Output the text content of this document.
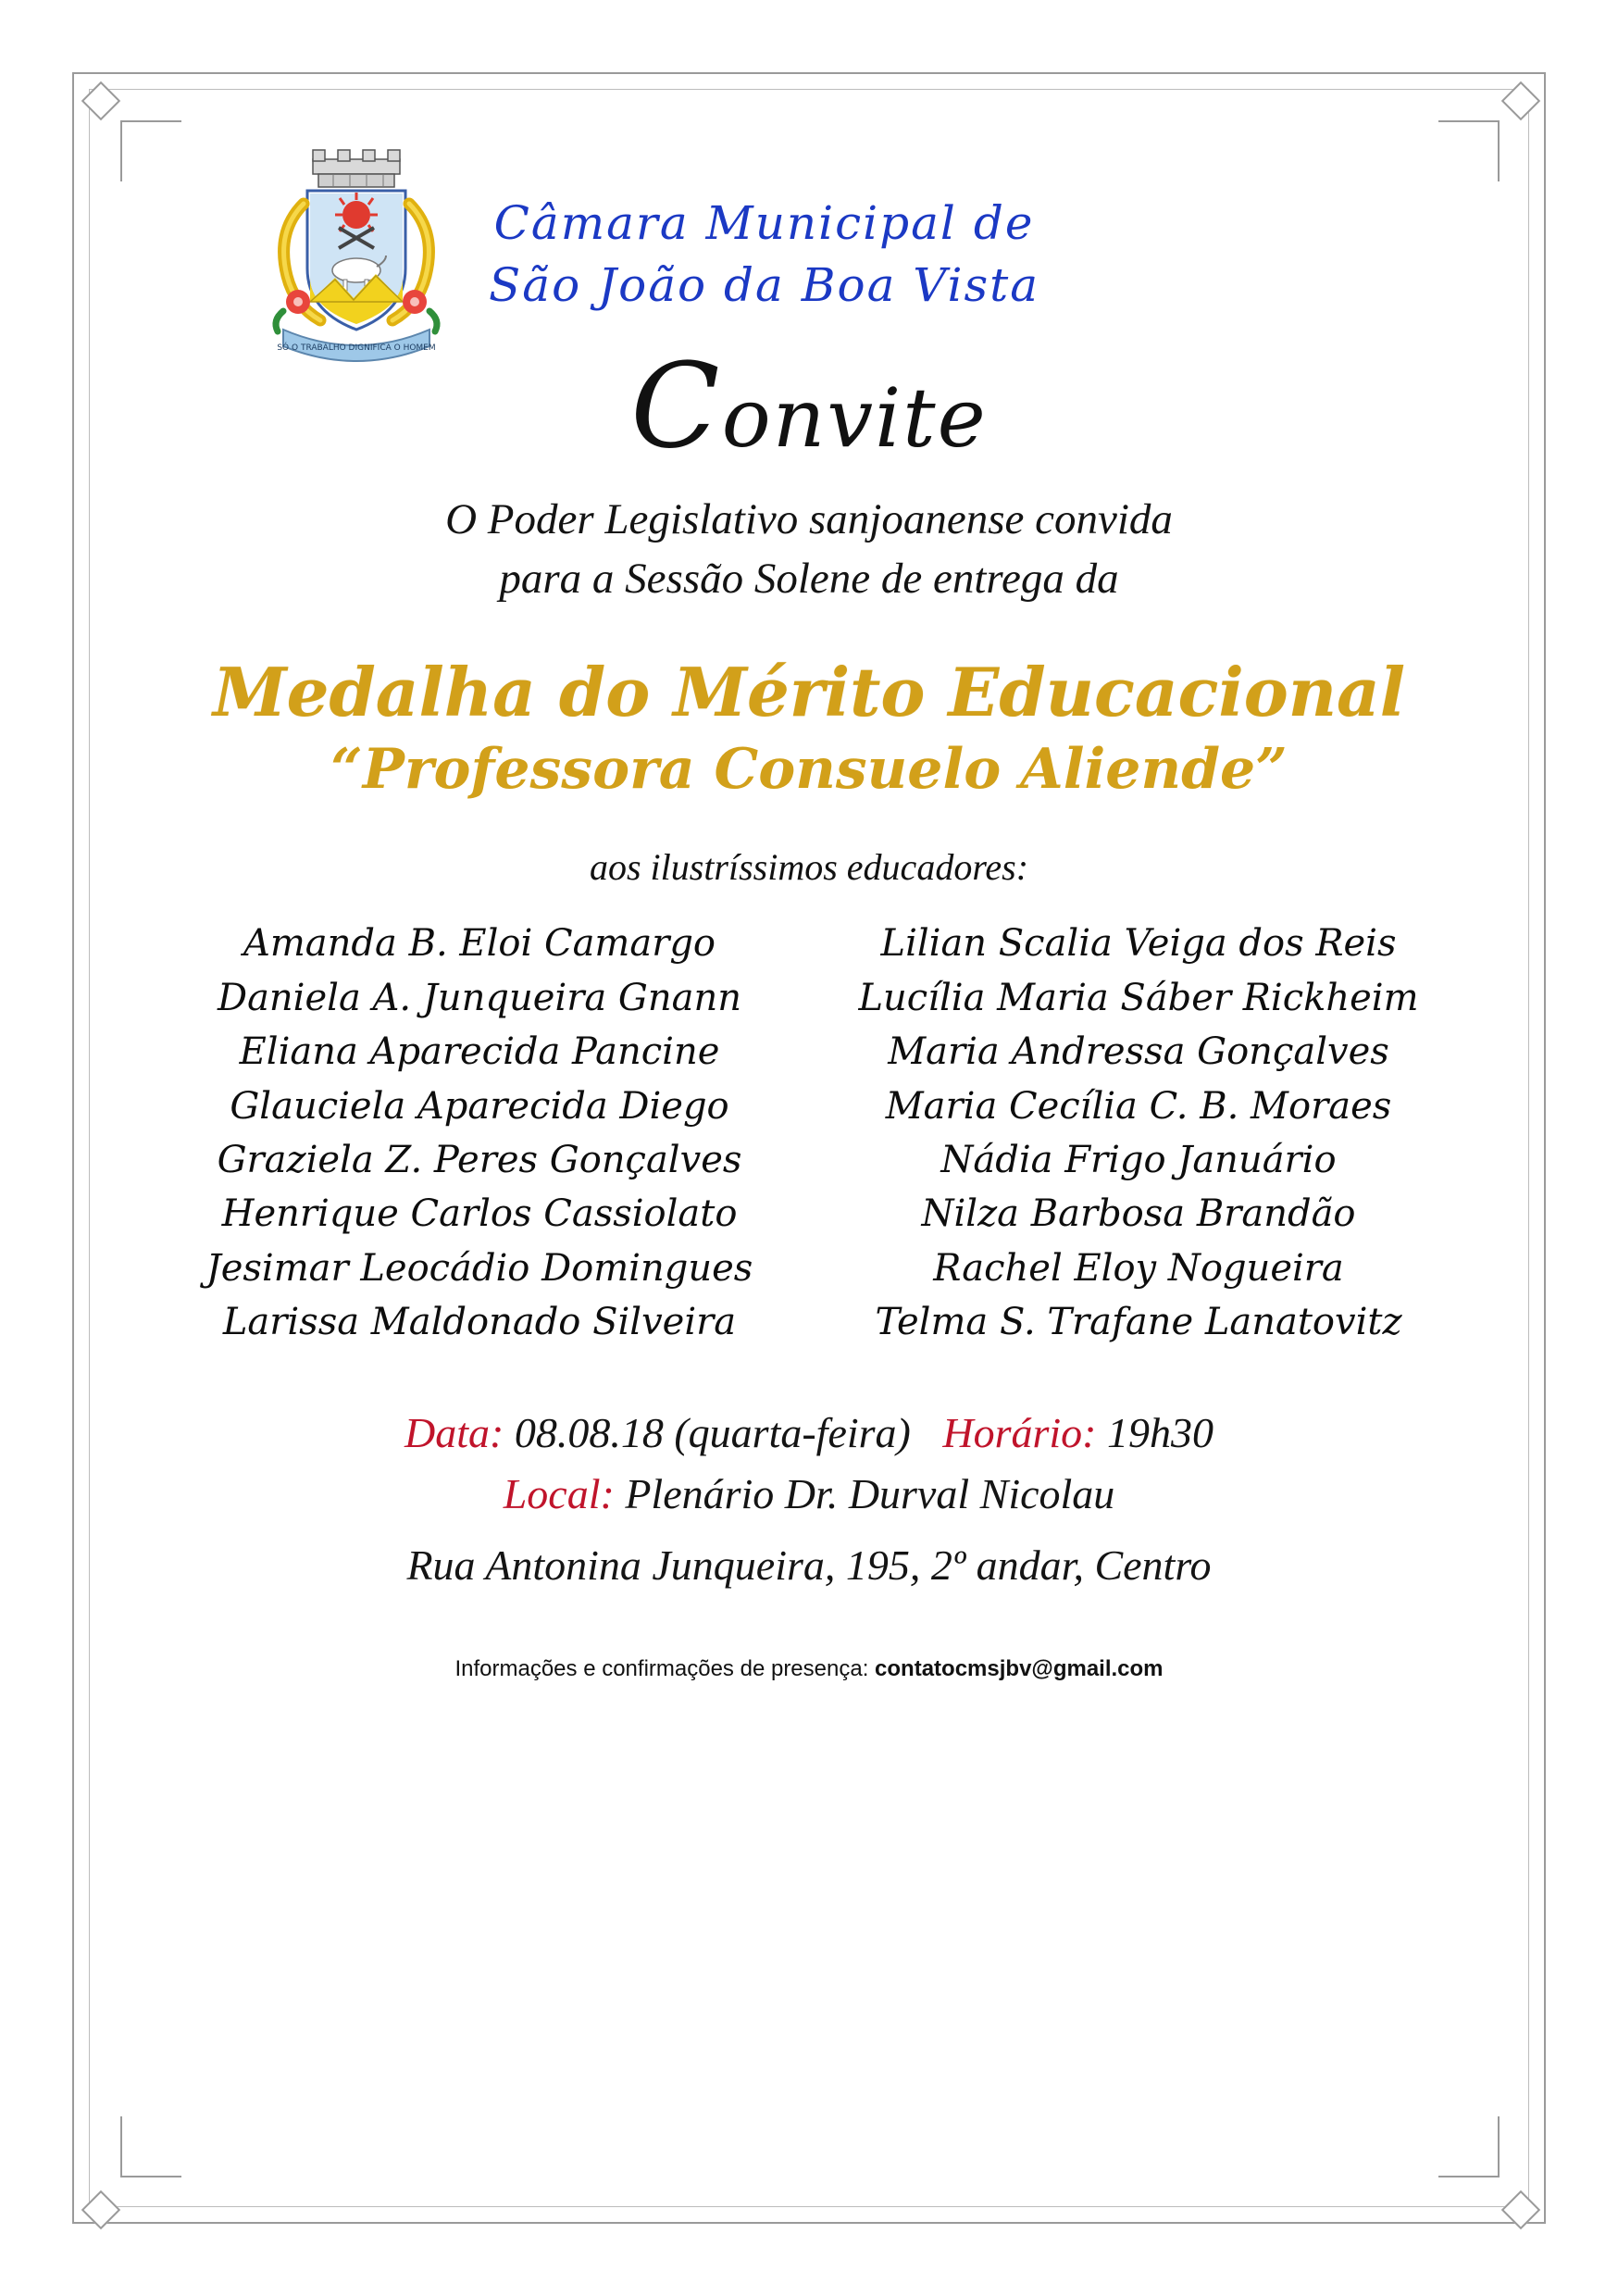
SÓ O TRABALHO DIGNIFICA O HOMEM
Câmara Municipal de
São João da Boa Vista
Convite
O Poder Legislativo sanjoanense convida
para a Sessão Solene de entrega da
Medalha do Mérito Educacional
“Professora Consuelo Aliende”
aos ilustríssimos educadores:
Amanda B. Eloi Camargo
Daniela A. Junqueira Gnann
Eliana Aparecida Pancine
Glauciela Aparecida Diego
Graziela Z. Peres Gonçalves
Henrique Carlos Cassiolato
Jesimar Leocádio Domingues
Larissa Maldonado Silveira
Lilian Scalia Veiga dos Reis
Lucília Maria Sáber Rickheim
Maria Andressa Gonçalves
Maria Cecília C. B. Moraes
Nádia Frigo Januário
Nilza Barbosa Brandão
Rachel Eloy Nogueira
Telma S. Trafane Lanatovitz
Data: 08.08.18 (quarta-feira) Horário: 19h30
Local: Plenário Dr. Durval Nicolau
Rua Antonina Junqueira, 195, 2º andar, Centro
Informações e confirmações de presença: contatocmsjbv@gmail.com
